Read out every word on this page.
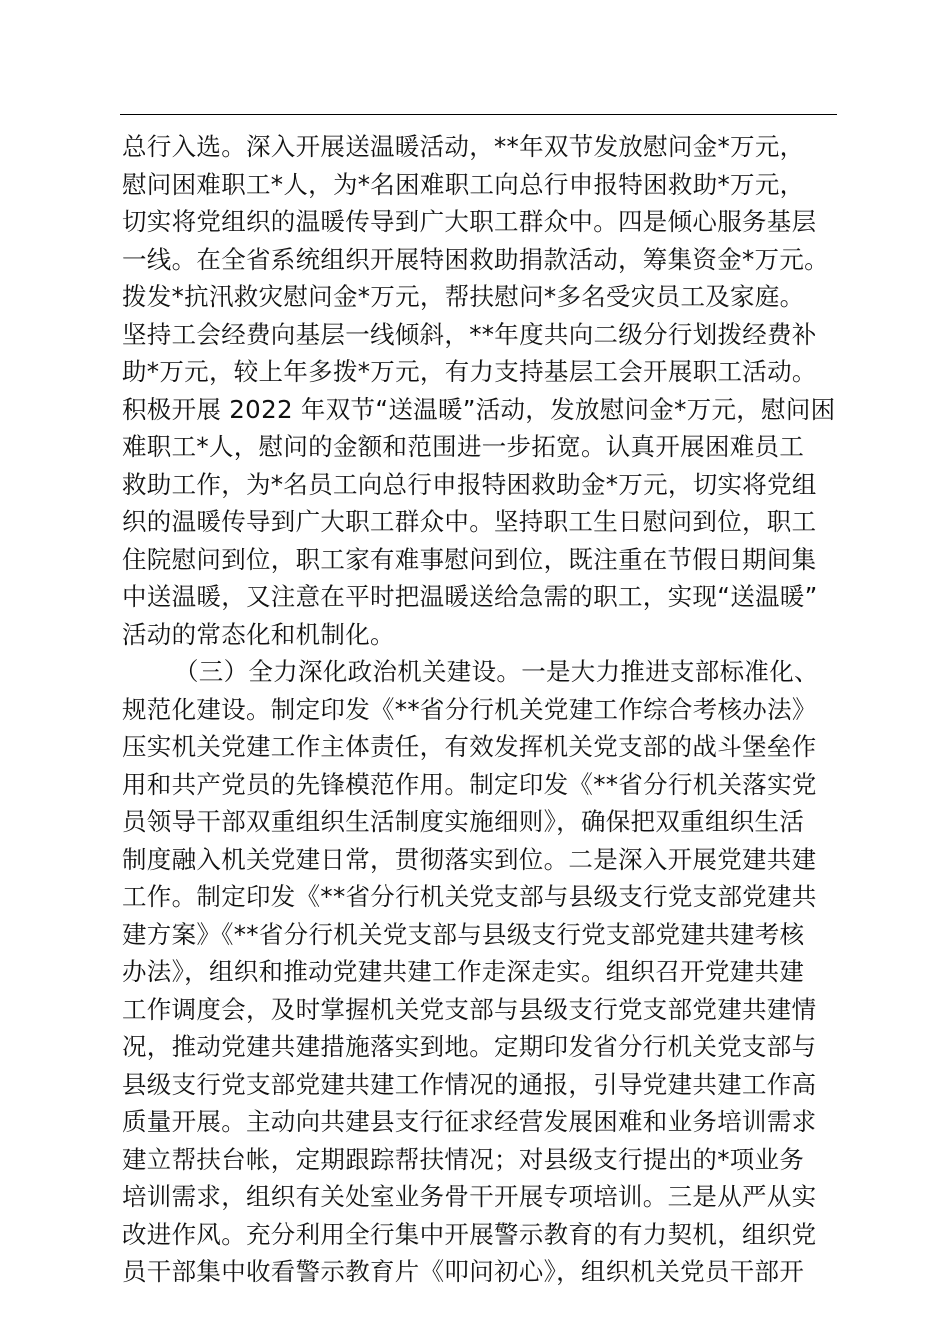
总行入选。深入开展送温暖活动，**年双节发放慰问金*万元，
慰问困难职工*人，为*名困难职工向总行申报特困救助*万元，
切实将党组织的温暖传导到广大职工群众中。四是倾心服务基层
一线。在全省系统组织开展特困救助捐款活动，筹集资金*万元。
拨发*抗汛救灾慰问金*万元，帮扶慰问*多名受灾员工及家庭。
坚持工会经费向基层一线倾斜，**年度共向二级分行划拨经费补
助*万元，较上年多拨*万元，有力支持基层工会开展职工活动。
积极开展 2022 年双节“送温暖”活动，发放慰问金*万元，慰问困
难职工*人，慰问的金额和范围进一步拓宽。认真开展困难员工
救助工作，为*名员工向总行申报特困救助金*万元，切实将党组
织的温暖传导到广大职工群众中。坚持职工生日慰问到位，职工
住院慰问到位，职工家有难事慰问到位，既注重在节假日期间集
中送温暖，又注意在平时把温暖送给急需的职工，实现“送温暖”
活动的常态化和机制化。
（三）全力深化政治机关建设。一是大力推进支部标准化、
规范化建设。制定印发《**省分行机关党建工作综合考核办法》
压实机关党建工作主体责任，有效发挥机关党支部的战斗堡垒作
用和共产党员的先锋模范作用。制定印发《**省分行机关落实党
员领导干部双重组织生活制度实施细则》，确保把双重组织生活
制度融入机关党建日常，贯彻落实到位。二是深入开展党建共建
工作。制定印发《**省分行机关党支部与县级支行党支部党建共
建方案》《**省分行机关党支部与县级支行党支部党建共建考核
办法》，组织和推动党建共建工作走深走实。组织召开党建共建
工作调度会，及时掌握机关党支部与县级支行党支部党建共建情
况，推动党建共建措施落实到地。定期印发省分行机关党支部与
县级支行党支部党建共建工作情况的通报，引导党建共建工作高
质量开展。主动向共建县支行征求经营发展困难和业务培训需求
建立帮扶台帐，定期跟踪帮扶情况；对县级支行提出的*项业务
培训需求，组织有关处室业务骨干开展专项培训。三是从严从实
改进作风。充分利用全行集中开展警示教育的有力契机，组织党
员干部集中收看警示教育片《叩问初心》，组织机关党员干部开
